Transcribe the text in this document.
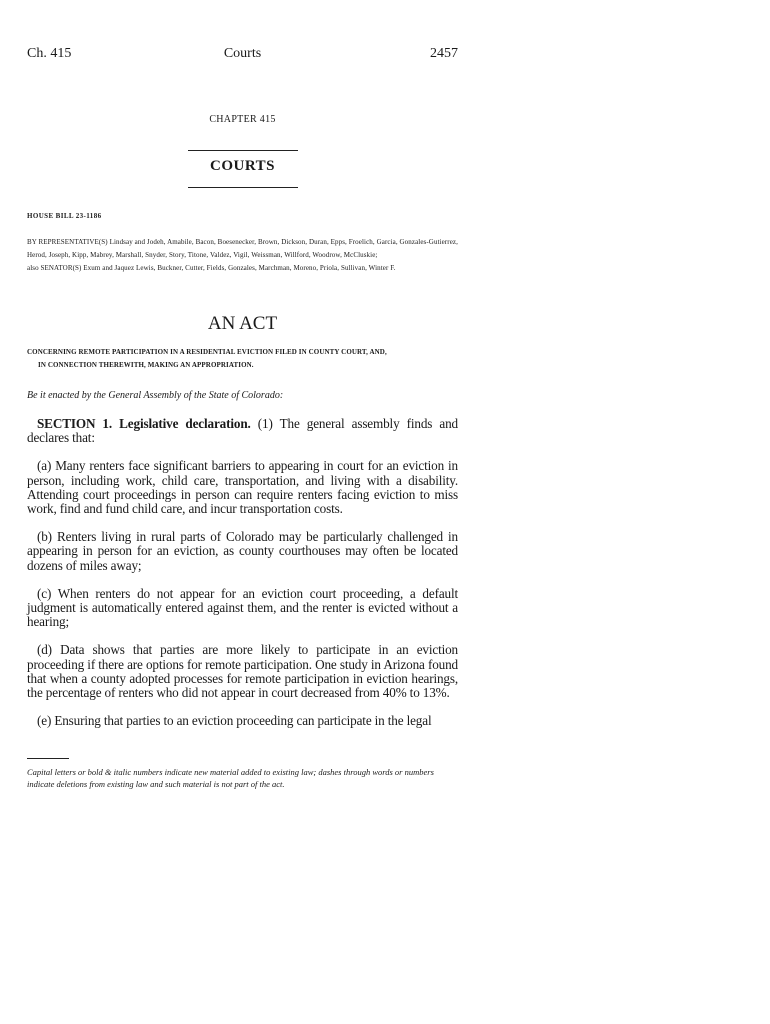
Ch. 415	Courts	2457
CHAPTER 415
COURTS
HOUSE BILL 23-1186

BY REPRESENTATIVE(S) Lindsay and Jodeh, Amabile, Bacon, Boesenecker, Brown, Dickson, Duran, Epps, Froelich, Garcia, Gonzales-Gutierrez, Herod, Joseph, Kipp, Mabrey, Marshall, Snyder, Story, Titone, Valdez, Vigil, Weissman, Willford, Woodrow, McCluskie;

also SENATOR(S) Exum and Jaquez Lewis, Buckner, Cutter, Fields, Gonzales, Marchman, Moreno, Priola, Sullivan, Winter F.

AN ACT
CONCERNING REMOTE PARTICIPATION IN A RESIDENTIAL EVICTION FILED IN COUNTY COURT, AND,
IN CONNECTION THEREWITH, MAKING AN APPROPRIATION.
Be it enacted by the General Assembly of the State of Colorado:

SECTION 1. Legislative declaration. (1) The general assembly finds and declares that:

(a) Many renters face significant barriers to appearing in court for an eviction in person, including work, child care, transportation, and living with a disability. Attending court proceedings in person can require renters facing eviction to miss work, find and fund child care, and incur transportation costs.

(b) Renters living in rural parts of Colorado may be particularly challenged in appearing in person for an eviction, as county courthouses may often be located dozens of miles away;

(c) When renters do not appear for an eviction court proceeding, a default judgment is automatically entered against them, and the renter is evicted without a hearing;

(d) Data shows that parties are more likely to participate in an eviction proceeding if there are options for remote participation. One study in Arizona found that when a county adopted processes for remote participation in eviction hearings, the percentage of renters who did not appear in court decreased from 40% to 13%.

(e) Ensuring that parties to an eviction proceeding can participate in the legal

Capital letters or bold & italic numbers indicate new material added to existing law; dashes through words or numbers indicate deletions from existing law and such material is not part of the act.
